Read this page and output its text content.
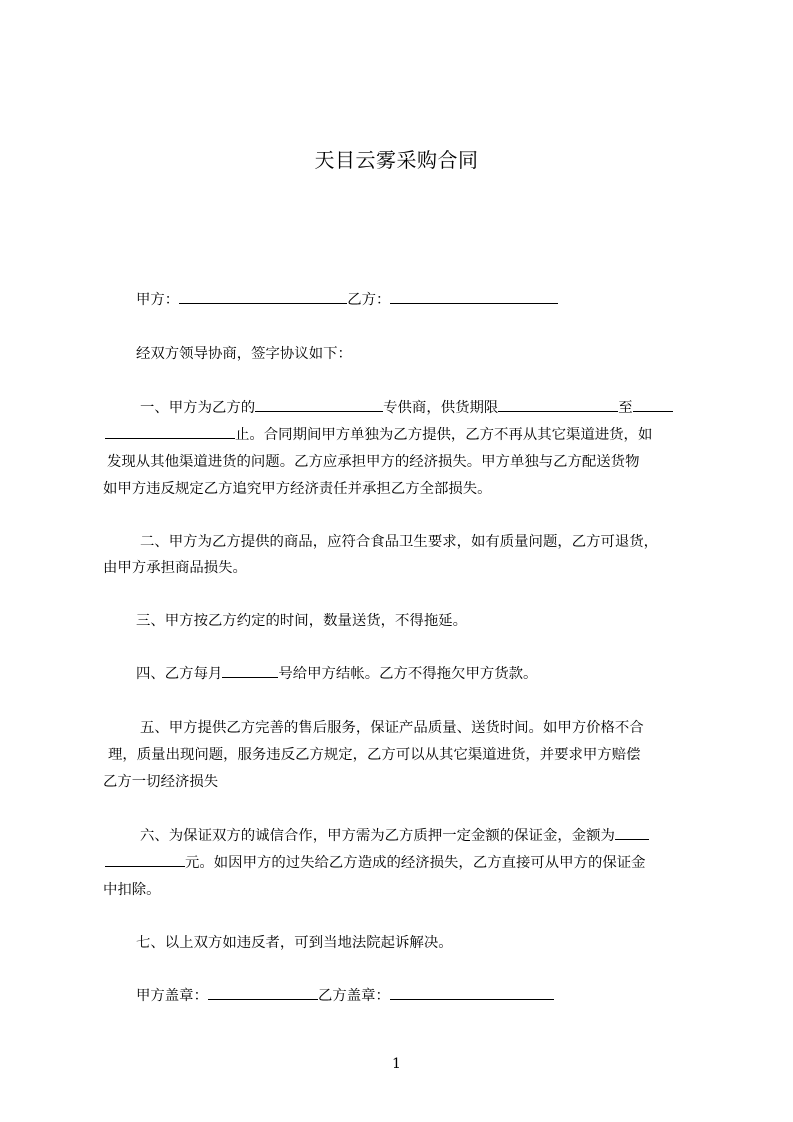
天目云雾采购合同
甲方：	乙方：
经双方领导协商，签字协议如下：
一、甲方为乙方的	专供商，供货期限	至
止。合同期间甲方单独为乙方提供，乙方不再从其它渠道进货，如
发现从其他渠道进货的问题。乙方应承担甲方的经济损失。甲方单独与乙方配送货物
如甲方违反规定乙方追究甲方经济责任并承担乙方全部损失。
二、甲方为乙方提供的商品，应符合食品卫生要求，如有质量问题，乙方可退货，
由甲方承担商品损失。
三、甲方按乙方约定的时间，数量送货，不得拖延。
四、乙方每月	号给甲方结帐。乙方不得拖欠甲方货款。
五、甲方提供乙方完善的售后服务，保证产品质量、送货时间。如甲方价格不合
理，质量出现问题，服务违反乙方规定，乙方可以从其它渠道进货，并要求甲方赔偿
乙方一切经济损失
六、为保证双方的诚信合作，甲方需为乙方质押一定金额的保证金，金额为
元。如因甲方的过失给乙方造成的经济损失，乙方直接可从甲方的保证金
中扣除。
七、以上双方如违反者，可到当地法院起诉解决。
甲方盖章：	乙方盖章：
1
